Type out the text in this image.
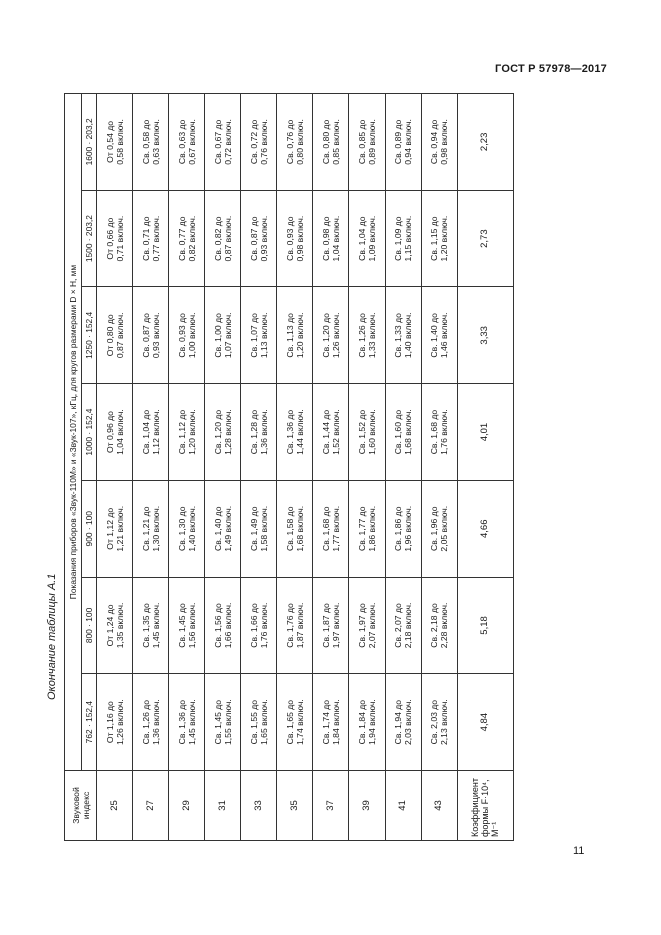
ГОСТ Р 57978—2017
Окончание таблицы А.1
Звуковой индекс	Показания приборов «Звук-110М» и «Звук-107», кГц, для кругов размерами D × H, мм						
	762 · 152,4	800 · 100	900 · 100	1000 · 152,4	1250 · 152,4	1500 · 203,2	1600 · 203,2
25	От 1,16 до 1,26 включ.	От 1,24 до 1,35 включ.	От 1,12 до 1,21 включ.	От 0,96 до 1,04 включ.	От 0,80 до 0,87 включ.	От 0,66 до 0,71 включ.	От 0,54 до 0,58 включ.

27	Св. 1,26 до 1,36 включ.	Св. 1,35 до 1,45 включ.	Св. 1,21 до 1,30 включ.	Св. 1,04 до 1,12 включ.	Св. 0,87 до 0,93 включ.	Св. 0,71 до 0,77 включ.	Св. 0,58 до 0,63 включ.

29	Св. 1,36 до 1,45 включ.	Св. 1,45 до 1,56 включ.	Св. 1,30 до 1,40 включ.	Св. 1,12 до 1,20 включ.	Св. 0,93 до 1,00 включ.	Св. 0,77 до 0,82 включ.	Св. 0,63 до 0,67 включ.

31	Св. 1,45 до 1,55 включ.	Св. 1,56 до 1,66 включ.	Св. 1,40 до 1,49 включ.	Св. 1,20 до 1,28 включ.	Св. 1,00 до 1,07 включ.	Св. 0,82 до 0,87 включ.	Св. 0,67 до 0,72 включ.

33	Св. 1,55 до 1,65 включ.	Св. 1,66 до 1,76 включ.	Св. 1,49 до 1,58 включ.	Св. 1,28 до 1,36 включ.	Св. 1,07 до 1,13 включ.	Св. 0,87 до 0,93 включ.	Св. 0,72 до 0,76 включ.

35	Св. 1,65 до 1,74 включ.	Св. 1,76 до 1,87 включ.	Св. 1,58 до 1,68 включ.	Св. 1,36 до 1,44 включ.	Св. 1,13 до 1,20 включ.	Св. 0,93 до 0,98 включ.	Св. 0,76 до 0,80 включ.

37	Св. 1,74 до 1,84 включ.	Св. 1,87 до 1,97 включ.	Св. 1,68 до 1,77 включ.	Св. 1,44 до 1,52 включ.	Св. 1,20 до 1,26 включ.	Св. 0,98 до 1,04 включ.	Св. 0,80 до 0,85 включ.

39	Св. 1,84 до 1,94 включ.	Св. 1,97 до 2,07 включ.	Св. 1,77 до 1,86 включ.	Св. 1,52 до 1,60 включ.	Св. 1,26 до 1,33 включ.	Св. 1,04 до 1,09 включ.	Св. 0,85 до 0,89 включ.

41	Св. 1,94 до 2,03 включ.	Св. 2,07 до 2,18 включ.	Св. 1,86 до 1,96 включ.	Св. 1,60 до 1,68 включ.	Св. 1,33 до 1,40 включ.	Св. 1,09 до 1,15 включ.	Св. 0,89 до 0,94 включ.

43	Св. 2,03 до 2,13 включ.	Св. 2,18 до 2,28 включ.	Св. 1,96 до 2,05 включ.	Св. 1,68 до 1,76 включ.	Св. 1,40 до 1,46 включ.	Св. 1,15 до 1,20 включ.	Св. 0,94 до 0,98 включ.

Коэффициент формы F·10⁴, М⁻¹	4,84	5,18	4,66	4,01	3,33	2,73	2,23
11
